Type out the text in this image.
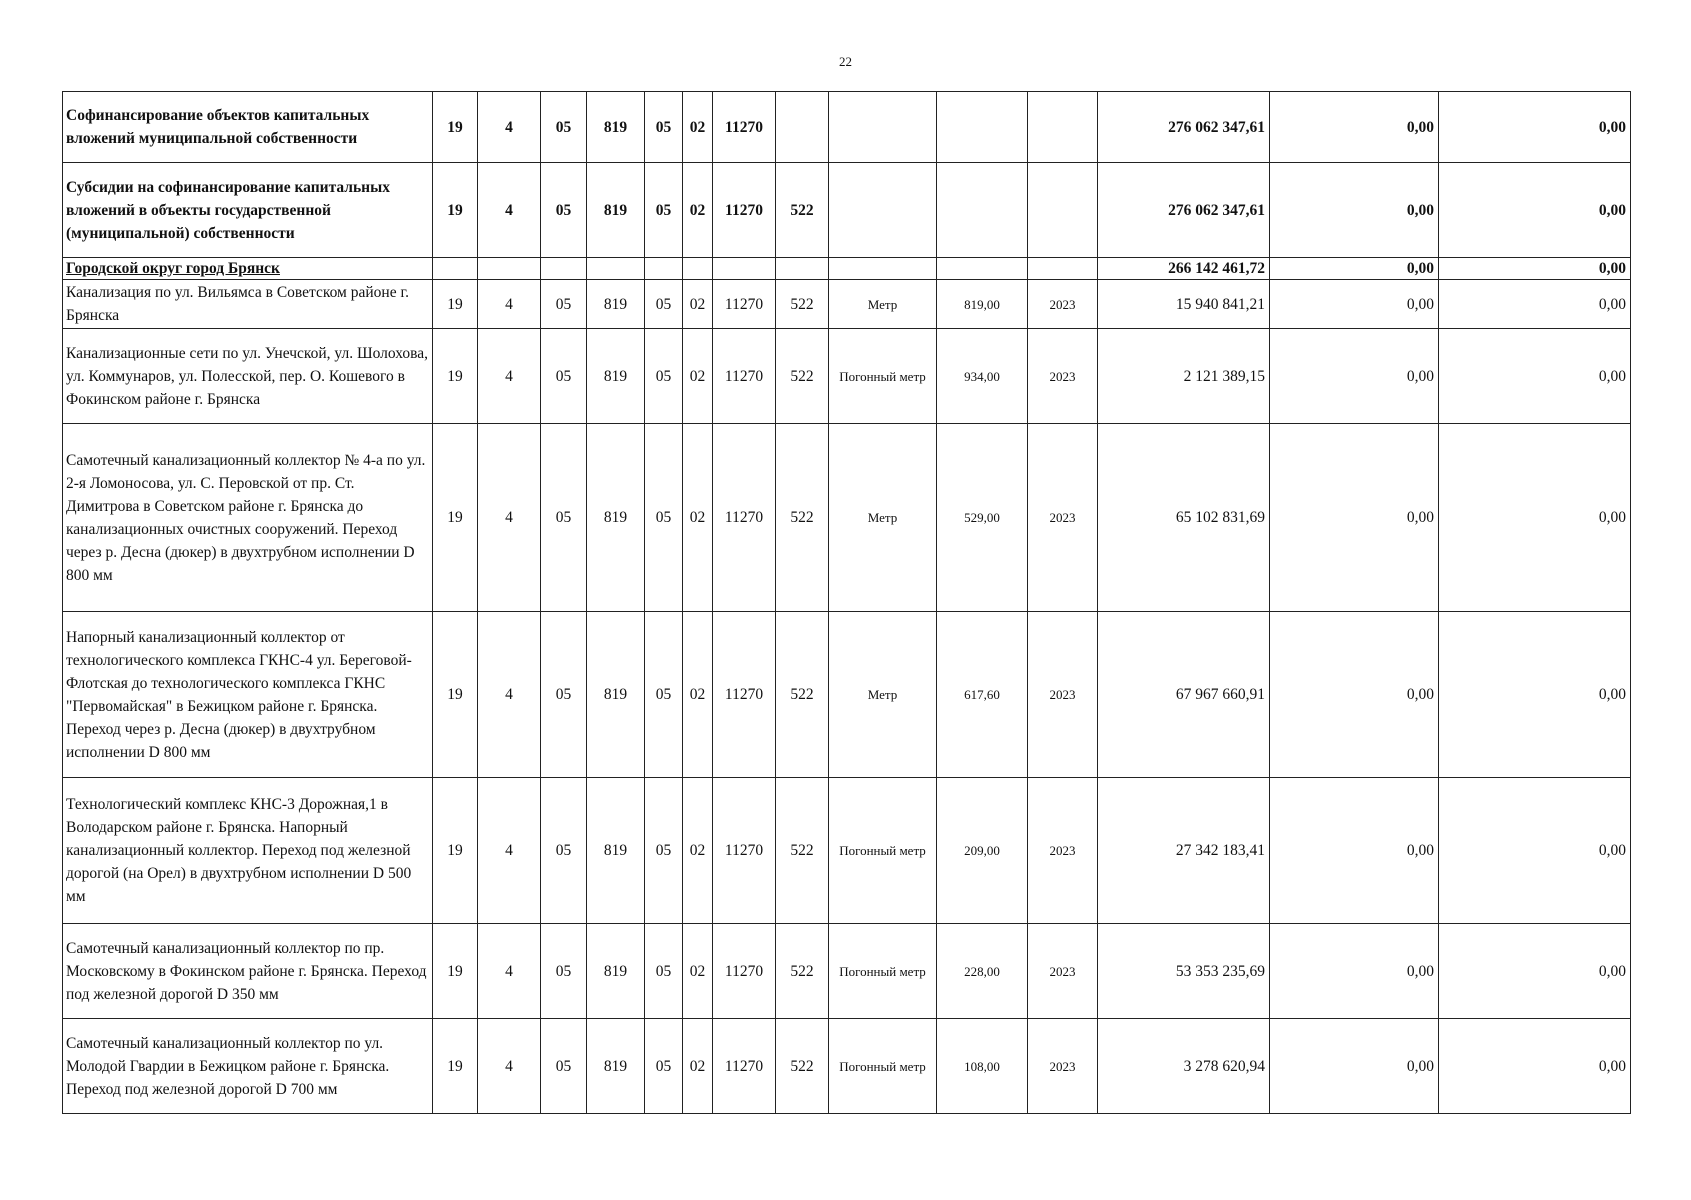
22
Софинансирование объектов капитальных вложений муниципальной собственности	19	4	05	819	05	02	11270					276 062 347,61	0,00	0,00
Субсидии на софинансирование капитальных вложений в объекты государственной (муниципальной) собственности	19	4	05	819	05	02	11270	522				276 062 347,61	0,00	0,00
Городской округ город Брянск												266 142 461,72	0,00	0,00
Канализация по ул. Вильямса в Советском районе г. Брянска	19	4	05	819	05	02	11270	522	Метр	819,00	2023	15 940 841,21	0,00	0,00
Канализационные сети по ул. Унечской, ул. Шолохова, ул. Коммунаров, ул. Полесской, пер. О. Кошевого в Фокинском районе г. Брянска	19	4	05	819	05	02	11270	522	Погонный метр	934,00	2023	2 121 389,15	0,00	0,00
Самотечный канализационный коллектор № 4-а по ул. 2-я Ломоносова, ул. С. Перовской от пр. Ст. Димитрова в Советском районе г. Брянска до канализационных очистных сооружений. Переход через р. Десна (дюкер) в двухтрубном исполнении D 800 мм	19	4	05	819	05	02	11270	522	Метр	529,00	2023	65 102 831,69	0,00	0,00
Напорный канализационный коллектор от технологического комплекса ГКНС-4 ул. Береговой-Флотская до технологического комплекса ГКНС "Первомайская" в Бежицком районе г. Брянска. Переход через р. Десна (дюкер) в двухтрубном исполнении D 800 мм	19	4	05	819	05	02	11270	522	Метр	617,60	2023	67 967 660,91	0,00	0,00
Технологический комплекс КНС-3 Дорожная,1 в Володарском районе г. Брянска. Напорный канализационный коллектор. Переход под железной дорогой (на Орел) в двухтрубном исполнении D 500 мм	19	4	05	819	05	02	11270	522	Погонный метр	209,00	2023	27 342 183,41	0,00	0,00
Самотечный канализационный коллектор по пр. Московскому в Фокинском районе г. Брянска. Переход под железной дорогой D 350 мм	19	4	05	819	05	02	11270	522	Погонный метр	228,00	2023	53 353 235,69	0,00	0,00
Самотечный канализационный коллектор по ул. Молодой Гвардии в Бежицком районе г. Брянска. Переход под железной дорогой D 700 мм	19	4	05	819	05	02	11270	522	Погонный метр	108,00	2023	3 278 620,94	0,00	0,00
